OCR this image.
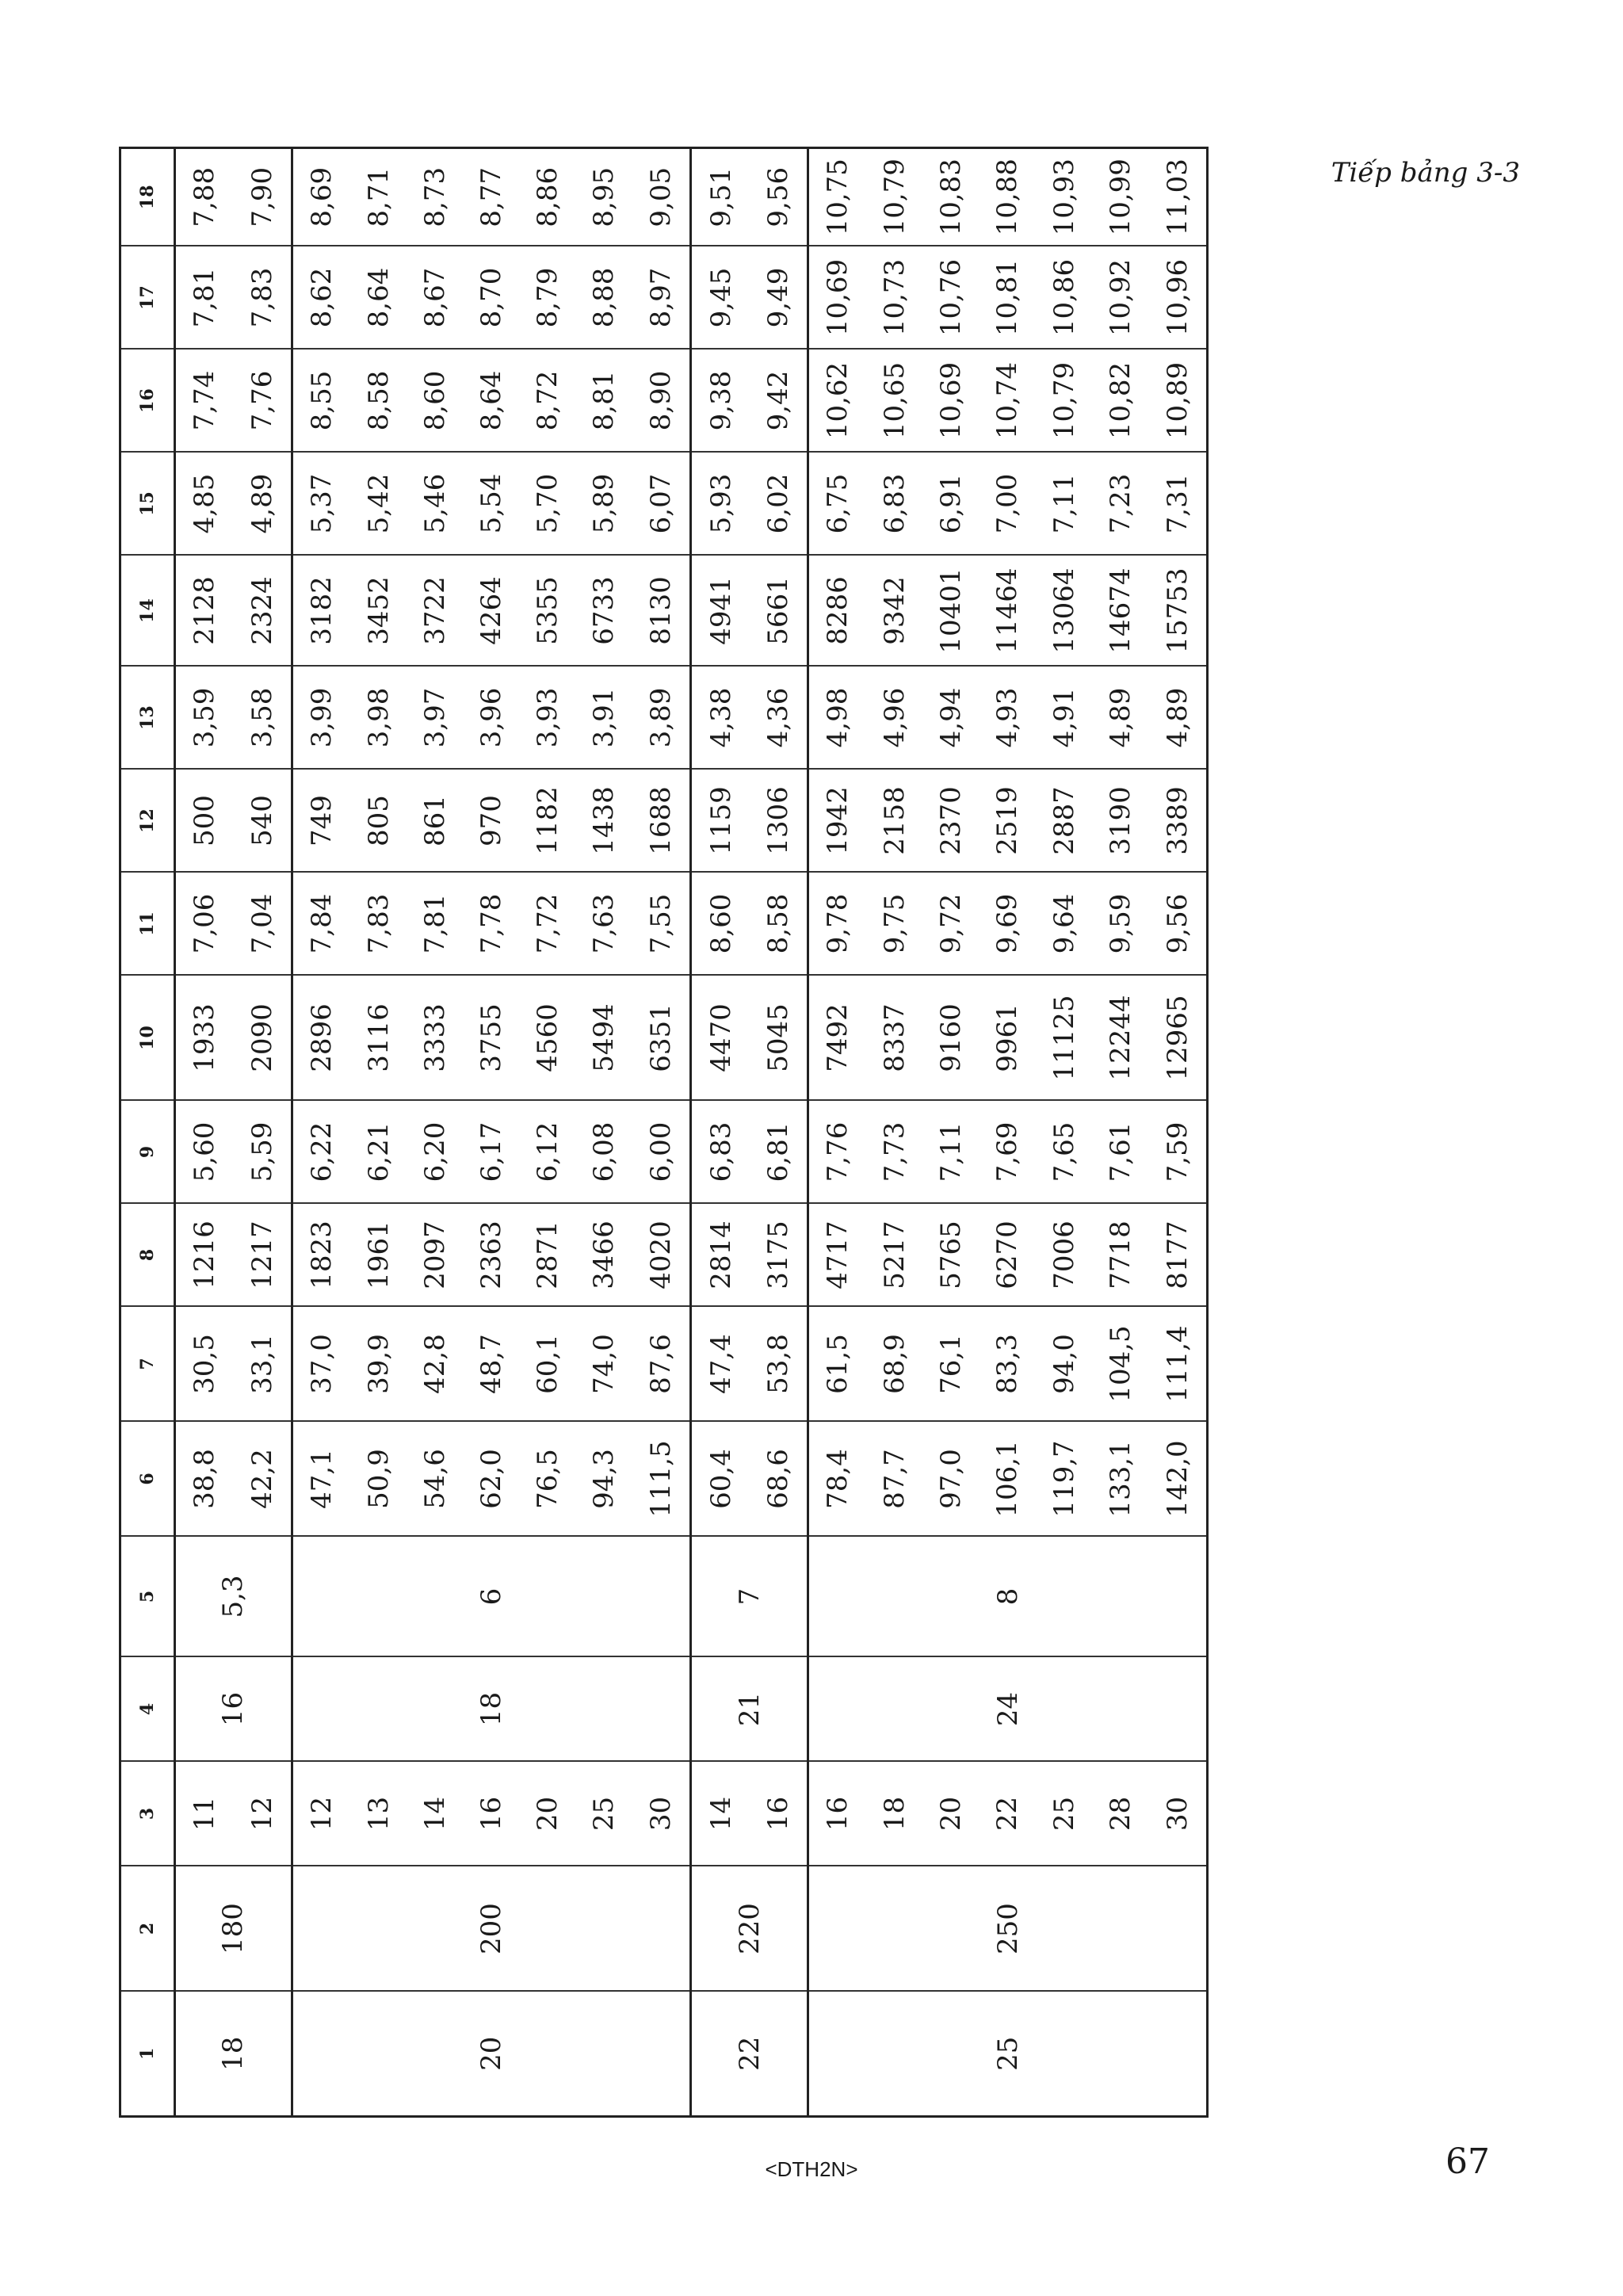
Tiếp bảng 3-3
1	2	3	4	5	6	7	8	9	10	11	12	13	14	15	16	17	18
18	180	11	16	5,3	38,8	30,5	1216	5,60	1933	7,06	500	3,59	2128	4,85	7,74	7,81	7,88
		12			42,2	33,1	1217	5,59	2090	7,04	540	3,58	2324	4,89	7,76	7,83	7,90
20	200	12	18	6	47,1	37,0	1823	6,22	2896	7,84	749	3,99	3182	5,37	8,55	8,62	8,69
		13			50,9	39,9	1961	6,21	3116	7,83	805	3,98	3452	5,42	8,58	8,64	8,71
		14			54,6	42,8	2097	6,20	3333	7,81	861	3,97	3722	5,46	8,60	8,67	8,73
		16			62,0	48,7	2363	6,17	3755	7,78	970	3,96	4264	5,54	8,64	8,70	8,77
		20			76,5	60,1	2871	6,12	4560	7,72	1182	3,93	5355	5,70	8,72	8,79	8,86
		25			94,3	74,0	3466	6,08	5494	7,63	1438	3,91	6733	5,89	8,81	8,88	8,95
		30			111,5	87,6	4020	6,00	6351	7,55	1688	3,89	8130	6,07	8,90	8,97	9,05
22	220	14	21	7	60,4	47,4	2814	6,83	4470	8,60	1159	4,38	4941	5,93	9,38	9,45	9,51
		16			68,6	53,8	3175	6,81	5045	8,58	1306	4,36	5661	6,02	9,42	9,49	9,56
25	250	16	24	8	78,4	61,5	4717	7,76	7492	9,78	1942	4,98	8286	6,75	10,62	10,69	10,75
		18			87,7	68,9	5217	7,73	8337	9,75	2158	4,96	9342	6,83	10,65	10,73	10,79
		20			97,0	76,1	5765	7,11	9160	9,72	2370	4,94	10401	6,91	10,69	10,76	10,83
		22			106,1	83,3	6270	7,69	9961	9,69	2519	4,93	11464	7,00	10,74	10,81	10,88
		25			119,7	94,0	7006	7,65	11125	9,64	2887	4,91	13064	7,11	10,79	10,86	10,93
		28			133,1	104,5	7718	7,61	12244	9,59	3190	4,89	14674	7,23	10,82	10,92	10,99
		30			142,0	111,4	8177	7,59	12965	9,56	3389	4,89	15753	7,31	10,89	10,96	11,03
<DTH2N>	67
